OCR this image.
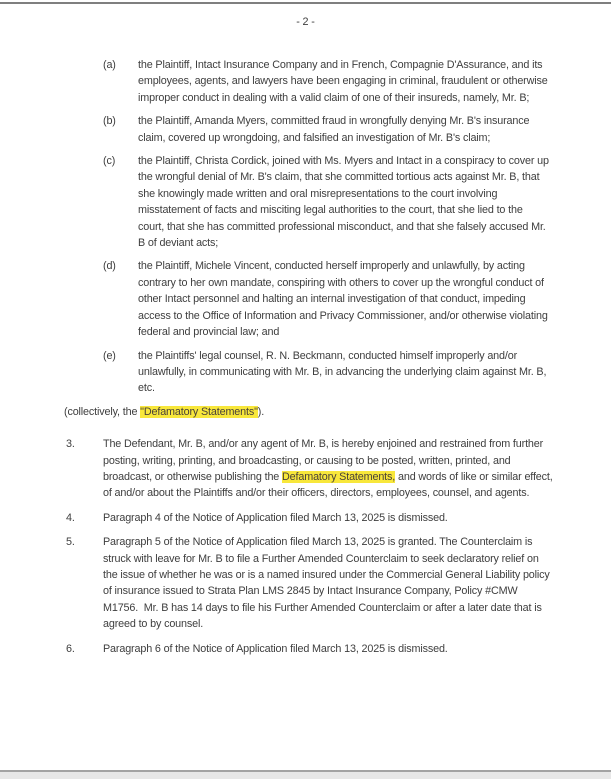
- 2 -
(a)	the Plaintiff, Intact Insurance Company and in French, Compagnie D'Assurance, and its employees, agents, and lawyers have been engaging in criminal, fraudulent or otherwise improper conduct in dealing with a valid claim of one of their insureds, namely, Mr. B;
(b)	the Plaintiff, Amanda Myers, committed fraud in wrongfully denying Mr. B's insurance claim, covered up wrongdoing, and falsified an investigation of Mr. B's claim;
(c)	the Plaintiff, Christa Cordick, joined with Ms. Myers and Intact in a conspiracy to cover up the wrongful denial of Mr. B's claim, that she committed tortious acts against Mr. B, that she knowingly made written and oral misrepresentations to the court involving misstatement of facts and misciting legal authorities to the court, that she lied to the court, that she has committed professional misconduct, and that she falsely accused Mr. B of deviant acts;
(d)	the Plaintiff, Michele Vincent, conducted herself improperly and unlawfully, by acting contrary to her own mandate, conspiring with others to cover up the wrongful conduct of other Intact personnel and halting an internal investigation of that conduct, impeding access to the Office of Information and Privacy Commissioner, and/or otherwise violating federal and provincial law; and
(e)	the Plaintiffs' legal counsel, R. N. Beckmann, conducted himself improperly and/or unlawfully, in communicating with Mr. B, in advancing the underlying claim against Mr. B, etc.
(collectively, the "Defamatory Statements").
3.	The Defendant, Mr. B, and/or any agent of Mr. B, is hereby enjoined and restrained from further posting, writing, printing, and broadcasting, or causing to be posted, written, printed, and broadcast, or otherwise publishing the Defamatory Statements, and words of like or similar effect, of and/or about the Plaintiffs and/or their officers, directors, employees, counsel, and agents.
4.	Paragraph 4 of the Notice of Application filed March 13, 2025 is dismissed.
5.	Paragraph 5 of the Notice of Application filed March 13, 2025 is granted. The Counterclaim is struck with leave for Mr. B to file a Further Amended Counterclaim to seek declaratory relief on the issue of whether he was or is a named insured under the Commercial General Liability policy of insurance issued to Strata Plan LMS 2845 by Intact Insurance Company, Policy #CMW M1756.  Mr. B has 14 days to file his Further Amended Counterclaim or after a later date that is agreed to by counsel.
6.	Paragraph 6 of the Notice of Application filed March 13, 2025 is dismissed.
